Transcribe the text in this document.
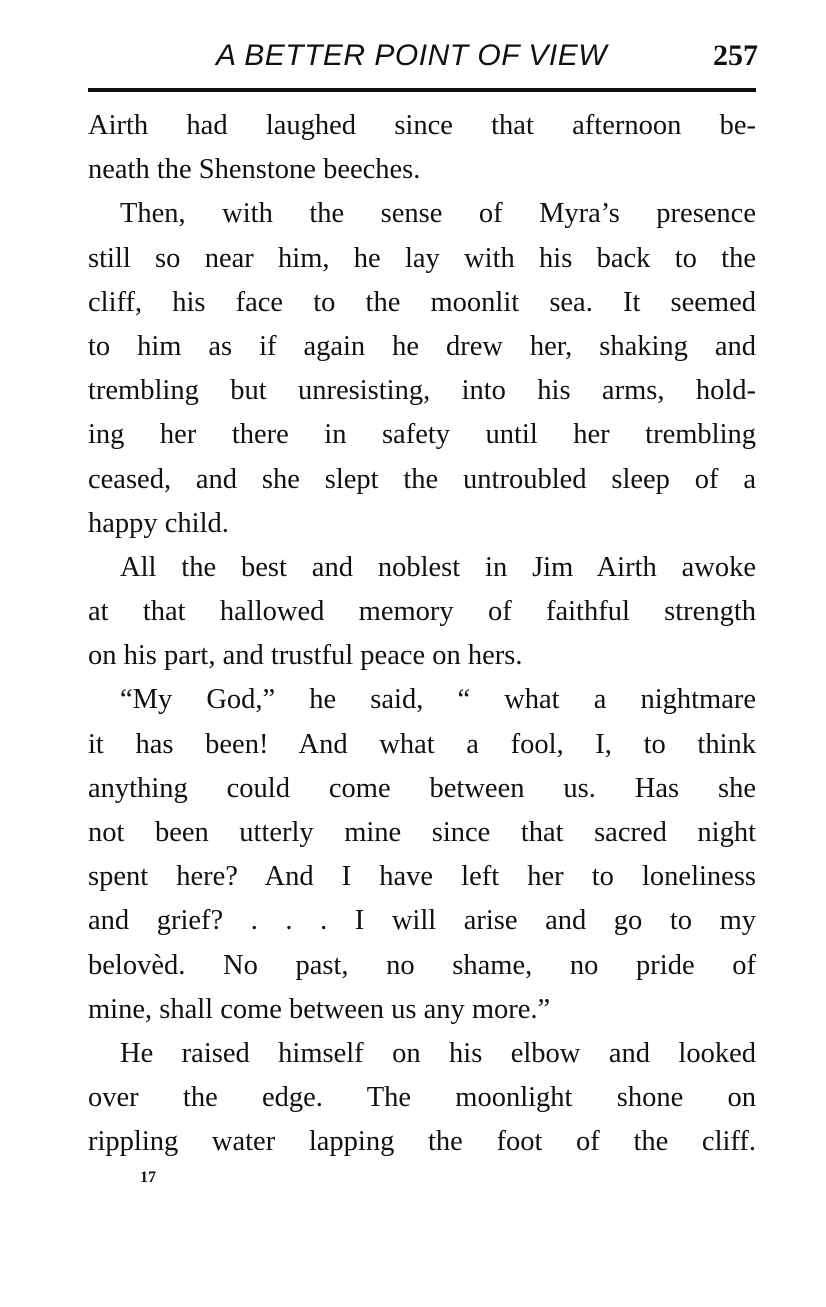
A BETTER POINT OF VIEW	257
Airth had laughed since that afternoon be-
neath the Shenstone beeches.
Then, with the sense of Myra’s presence
still so near him, he lay with his back to the
cliff, his face to the moonlit sea. It seemed
to him as if again he drew her, shaking and
trembling but unresisting, into his arms, hold-
ing her there in safety until her trembling
ceased, and she slept the untroubled sleep of a
happy child.
All the best and noblest in Jim Airth awoke
at that hallowed memory of faithful strength
on his part, and trustful peace on hers.
“My God,” he said, “ what a nightmare
it has been! And what a fool, I, to think
anything could come between us. Has she
not been utterly mine since that sacred night
spent here? And I have left her to loneliness
and grief? . . . I will arise and go to my
belovèd. No past, no shame, no pride of
mine, shall come between us any more.”
He raised himself on his elbow and looked
over the edge. The moonlight shone on
rippling water lapping the foot of the cliff.
17
